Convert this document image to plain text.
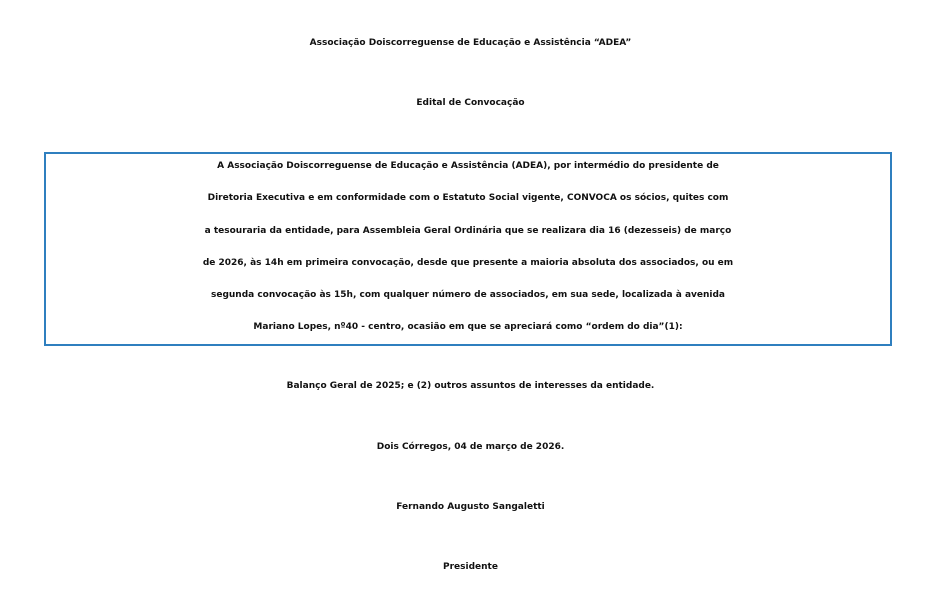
Associação Doiscorreguense de Educação e Assistência “ADEA”
Edital de Convocação
A Associação Doiscorreguense de Educação e Assistência (ADEA), por intermédio do presidente de
Diretoria Executiva e em conformidade com o Estatuto Social vigente, CONVOCA os sócios, quites com
a tesouraria da entidade, para Assembleia Geral Ordinária que se realizara dia 16 (dezesseis) de março
de 2026, às 14h em primeira convocação, desde que presente a maioria absoluta dos associados, ou em
segunda convocação às 15h, com qualquer número de associados, em sua sede, localizada à avenida
Mariano Lopes, nº40 - centro, ocasião em que se apreciará como “ordem do dia”(1):
Balanço Geral de 2025; e (2) outros assuntos de interesses da entidade.
Dois Córregos, 04 de março de 2026.
Fernando Augusto Sangaletti
Presidente
